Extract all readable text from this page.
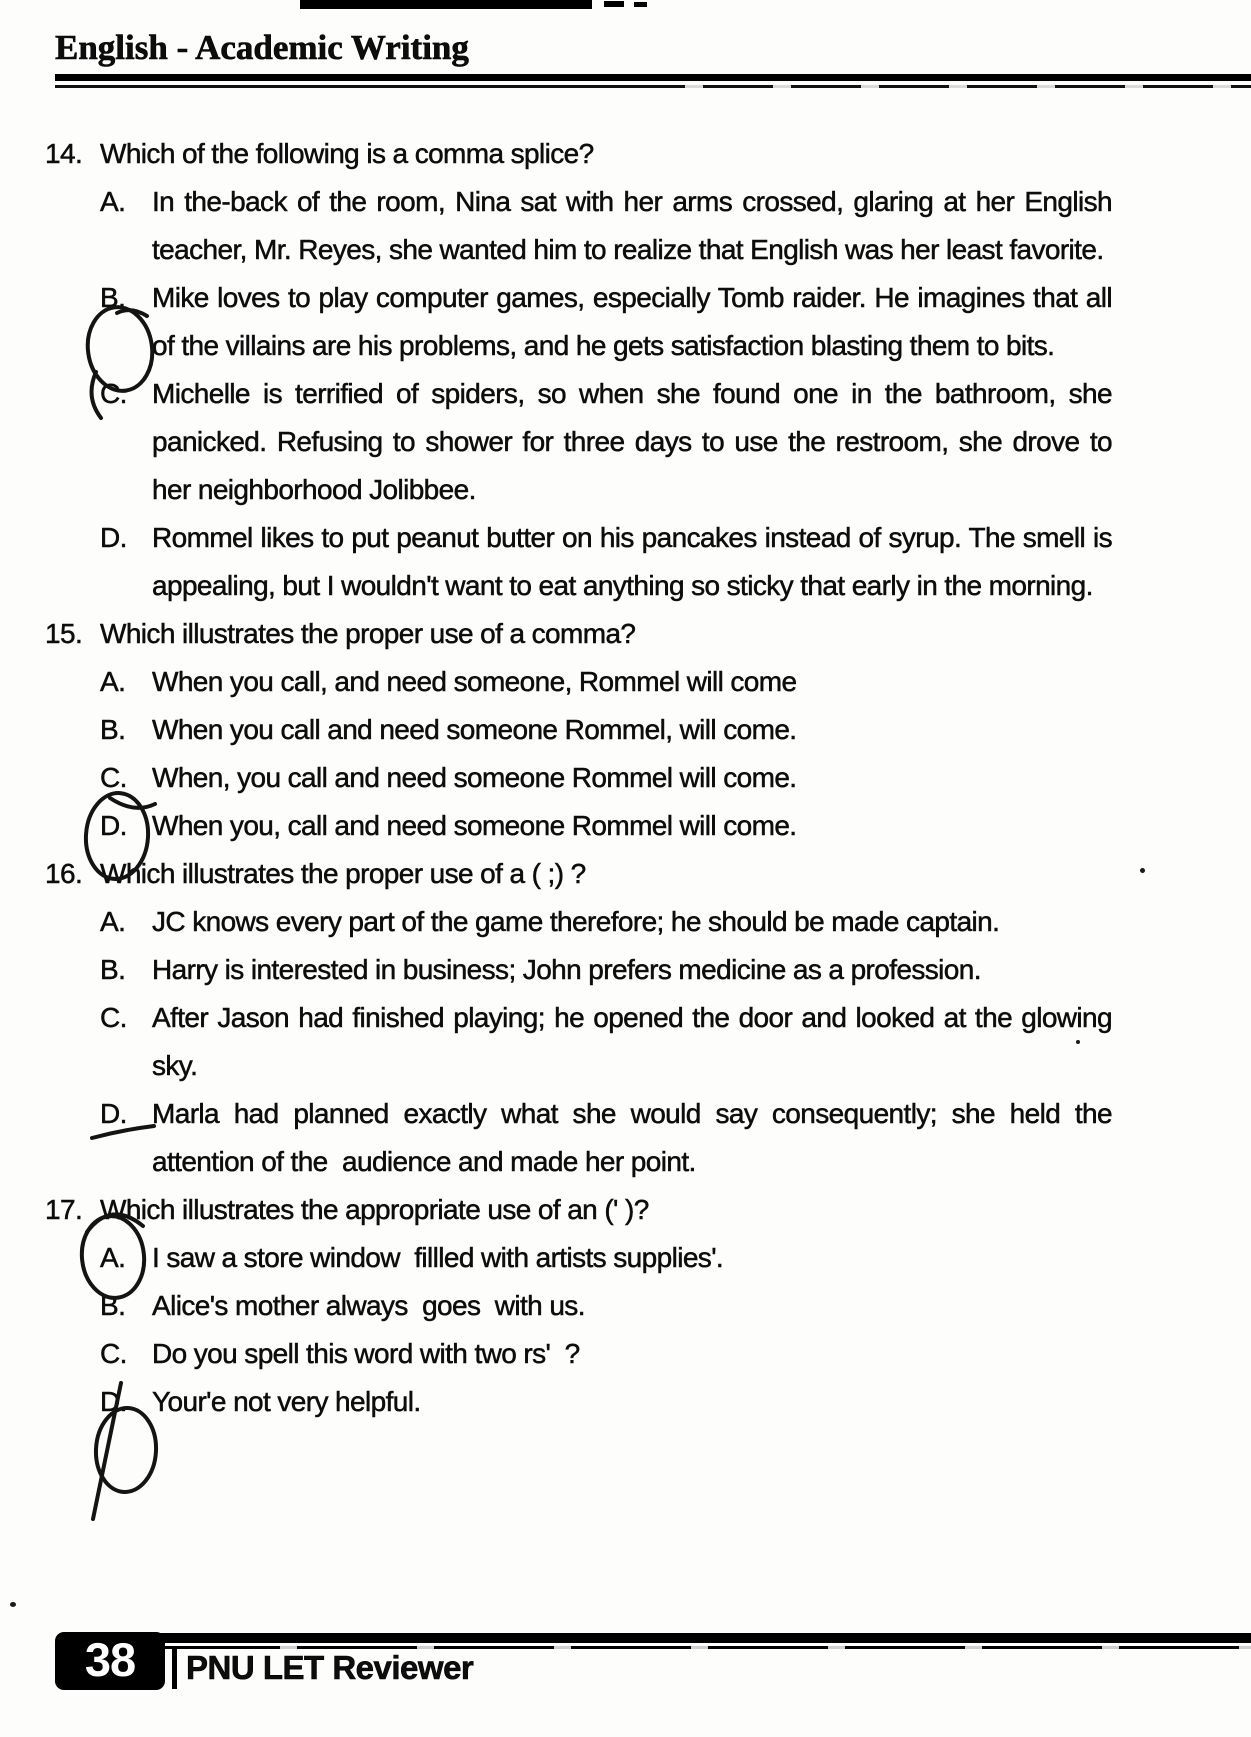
English - Academic Writing
14. Which of the following is a comma splice?
A. In the-back of the room, Nina sat with her arms crossed, glaring at her English teacher, Mr. Reyes, she wanted him to realize that English was her least favorite.
B. Mike loves to play computer games, especially Tomb raider. He imagines that all of the villains are his problems, and he gets satisfaction blasting them to bits.
C. Michelle is terrified of spiders, so when she found one in the bathroom, she panicked. Refusing to shower for three days to use the restroom, she drove to her neighborhood Jolibbee.
D. Rommel likes to put peanut butter on his pancakes instead of syrup. The smell is appealing, but I wouldn't want to eat anything so sticky that early in the morning.
15. Which illustrates the proper use of a comma?
A. When you call, and need someone, Rommel will come
B. When you call and need someone Rommel, will come.
C. When, you call and need someone Rommel will come.
D. When you, call and need someone Rommel will come.
16. Which illustrates the proper use of a ( ;) ?
A. JC knows every part of the game therefore; he should be made captain.
B. Harry is interested in business; John prefers medicine as a profession.
C. After Jason had finished playing; he opened the door and looked at the glowing sky.
D. Marla had planned exactly what she would say consequently; she held the attention of the  audience and made her point.
17. Which illustrates the appropriate use of an (' )?
A. I saw a store window  fillled with artists supplies'.
B. Alice's mother always  goes  with us.
C. Do you spell this word with two rs'  ?
D. Your'e not very helpful.
38	PNU LET Reviewer
